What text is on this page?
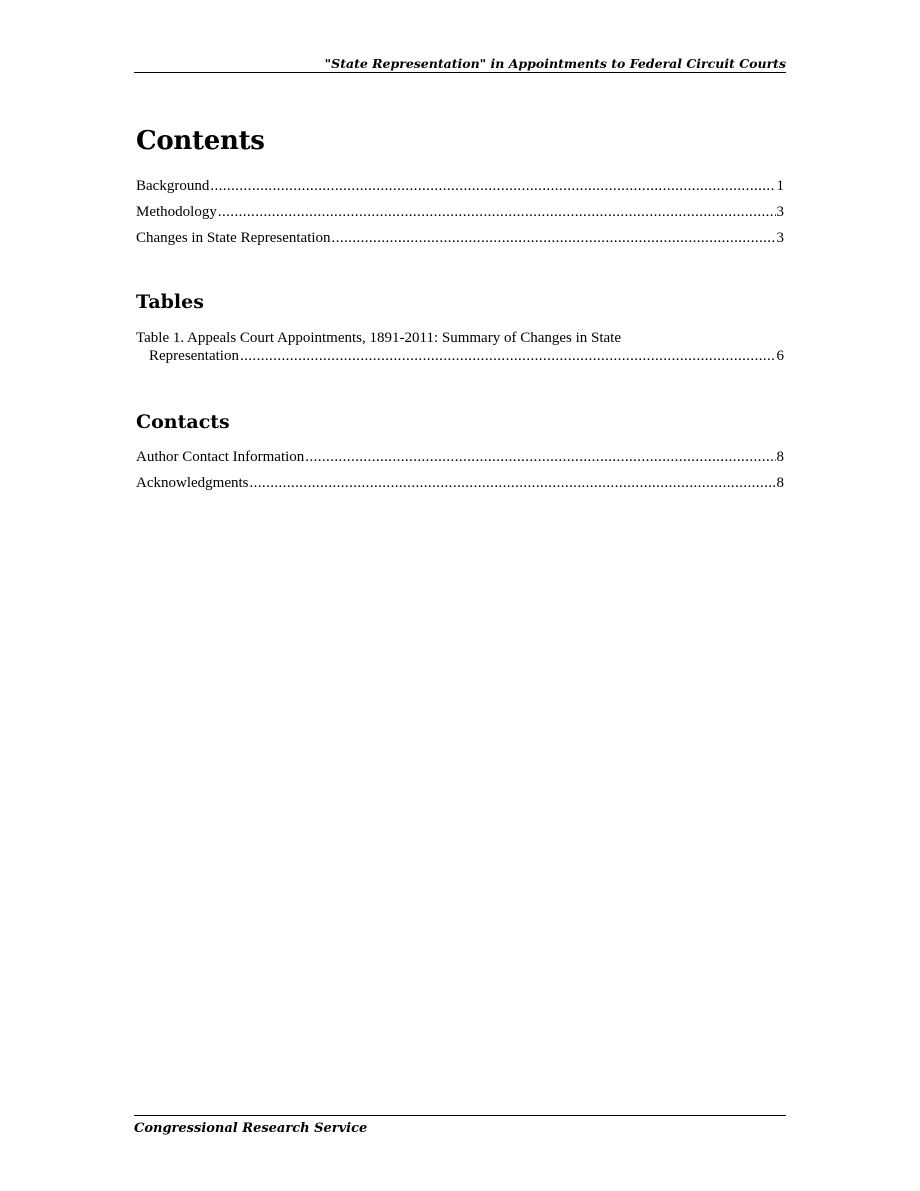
"State Representation" in Appointments to Federal Circuit Courts
Contents
Background .....	1
Methodology .....	3
Changes in State Representation .....	3
Tables
Table 1. Appeals Court Appointments, 1891-2011: Summary of Changes in State
Representation .....	6
Contacts
Author Contact Information .....	8
Acknowledgments .....	8
Congressional Research Service
